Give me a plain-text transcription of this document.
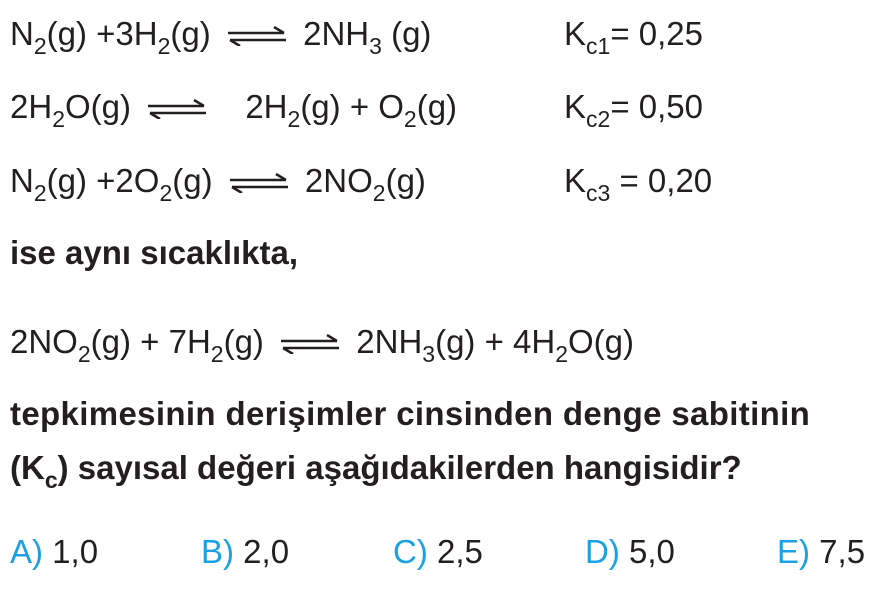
$N_2(g) +3H_2(g)$ ⇌ $2NH_3$ (g)	$K_{c1}= 0,25$
$2H_2O(g)$ ⇌ $2H_2(g) + O_2(g)$	$K_{c2}= 0,50$
$N_2(g) +2O_2(g)$ ⇌ $2NO_2(g)$	$K_{c3} = 0,20$
ise aynı sıcaklıkta,
$2NO_2(g) + 7H_2(g)$ ⇌ $2NH_3(g) + 4H_2O(g)$
tepkimesinin derişimler cinsinden denge sabitinin
$(K_c)$ sayısal değeri aşağıdakilerden hangisidir?
A) 1,0	B) 2,0	C) 2,5	D) 5,0	E) 7,5
